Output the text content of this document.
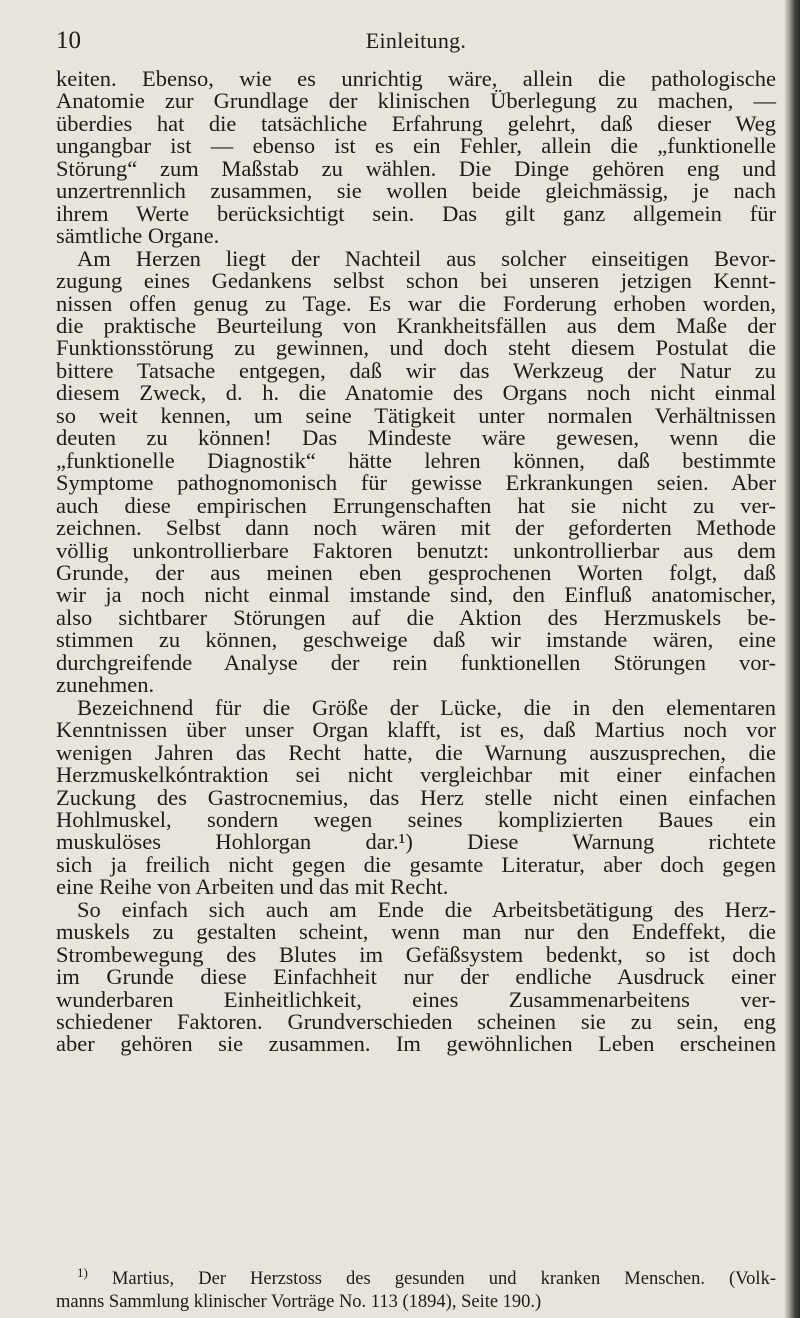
10	Einleitung.
keiten. Ebenso, wie es unrichtig wäre, allein die pathologische
Anatomie zur Grundlage der klinischen Überlegung zu machen, —
überdies hat die tatsächliche Erfahrung gelehrt, daß dieser Weg
ungangbar ist — ebenso ist es ein Fehler, allein die „funktionelle
Störung“ zum Maßstab zu wählen. Die Dinge gehören eng und
unzertrennlich zusammen, sie wollen beide gleichmässig, je nach
ihrem Werte berücksichtigt sein. Das gilt ganz allgemein für
sämtliche Organe.
Am Herzen liegt der Nachteil aus solcher einseitigen Bevor-
zugung eines Gedankens selbst schon bei unseren jetzigen Kennt-
nissen offen genug zu Tage. Es war die Forderung erhoben worden,
die praktische Beurteilung von Krankheitsfällen aus dem Maße der
Funktionsstörung zu gewinnen, und doch steht diesem Postulat die
bittere Tatsache entgegen, daß wir das Werkzeug der Natur zu
diesem Zweck, d. h. die Anatomie des Organs noch nicht einmal
so weit kennen, um seine Tätigkeit unter normalen Verhältnissen
deuten zu können! Das Mindeste wäre gewesen, wenn die
„funktionelle Diagnostik“ hätte lehren können, daß bestimmte
Symptome pathognomonisch für gewisse Erkrankungen seien. Aber
auch diese empirischen Errungenschaften hat sie nicht zu ver-
zeichnen. Selbst dann noch wären mit der geforderten Methode
völlig unkontrollierbare Faktoren benutzt: unkontrollierbar aus dem
Grunde, der aus meinen eben gesprochenen Worten folgt, daß
wir ja noch nicht einmal imstande sind, den Einfluß anatomischer,
also sichtbarer Störungen auf die Aktion des Herzmuskels be-
stimmen zu können, geschweige daß wir imstande wären, eine
durchgreifende Analyse der rein funktionellen Störungen vor-
zunehmen.
Bezeichnend für die Größe der Lücke, die in den elementaren
Kenntnissen über unser Organ klafft, ist es, daß Martius noch vor
wenigen Jahren das Recht hatte, die Warnung auszusprechen, die
Herzmuskelkóntraktion sei nicht vergleichbar mit einer einfachen
Zuckung des Gastrocnemius, das Herz stelle nicht einen einfachen
Hohlmuskel, sondern wegen seines komplizierten Baues ein
muskulöses Hohlorgan dar.¹) Diese Warnung richtete
sich ja freilich nicht gegen die gesamte Literatur, aber doch gegen
eine Reihe von Arbeiten und das mit Recht.
So einfach sich auch am Ende die Arbeitsbetätigung des Herz-
muskels zu gestalten scheint, wenn man nur den Endeffekt, die
Strombewegung des Blutes im Gefäßsystem bedenkt, so ist doch
im Grunde diese Einfachheit nur der endliche Ausdruck einer
wunderbaren Einheitlichkeit, eines Zusammenarbeitens ver-
schiedener Faktoren. Grundverschieden scheinen sie zu sein, eng
aber gehören sie zusammen. Im gewöhnlichen Leben erscheinen
$^{1)}$ Martius, Der Herzstoss des gesunden und kranken Menschen. (Volk-
manns Sammlung klinischer Vorträge No. 113 (1894), Seite 190.)
